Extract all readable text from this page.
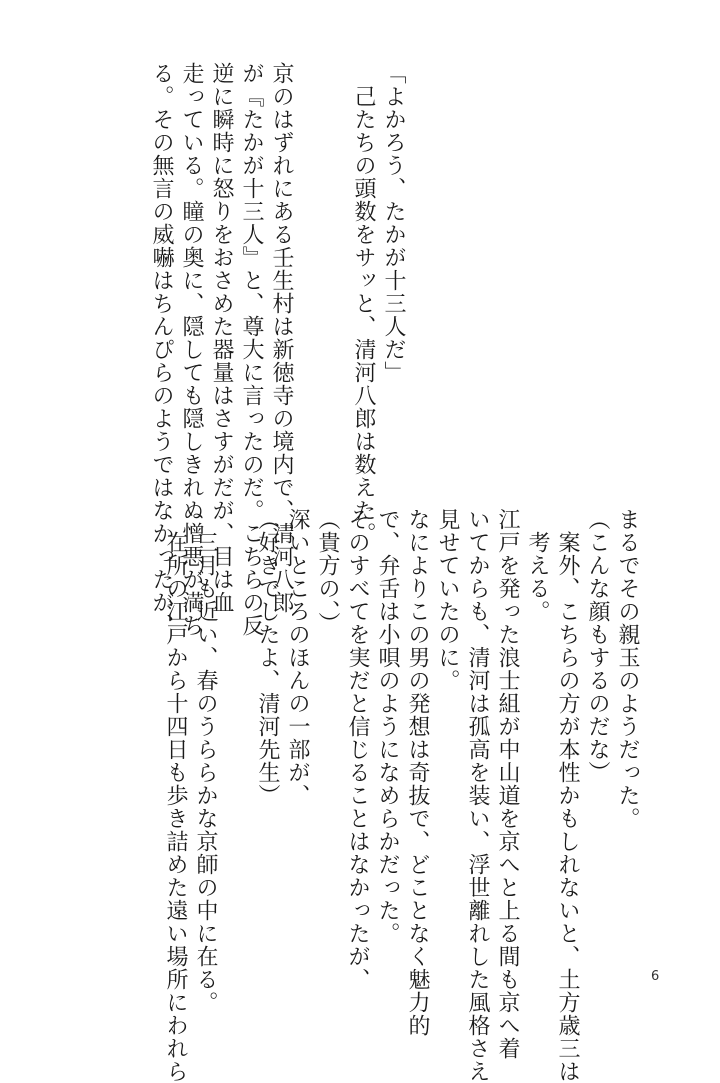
「よかろう、たかが十三人だ」
己たちの頭数をサッと、清河八郎は数えた。
京のはずれにある壬生村は新徳寺の境内で、清河八郎
が『たかが十三人』と、尊大に言ったのだ。こちらの反
逆に瞬時に怒りをおさめた器量はさすがだが、目は血
走っている。瞳の奥に、隠しても隠しきれぬ憎悪が満ち
る。その無言の威嚇はちんぴらのようではなかったが、
まるでその親玉のようだった。
（こんな顔もするのだな）
案外、こちらの方が本性かもしれないと、土方歳三は
考える。
江戸を発った浪士組が中山道を京へと上る間も京へ着
いてからも、清河は孤高を装い、浮世離れした風格さえ
見せていたのに。
なによりこの男の発想は奇抜で、どことなく魅力的
で、弁舌は小唄のようになめらかだった。
そのすべてを実だと信じることはなかったが、
（貴方の、）
深いところのほんの一部が、
（好きでしたよ、清河先生）
三月も近い、春のうららかな京師の中に在る。
在所の江戸から十四日も歩き詰めた遠い場所にわれら	6
